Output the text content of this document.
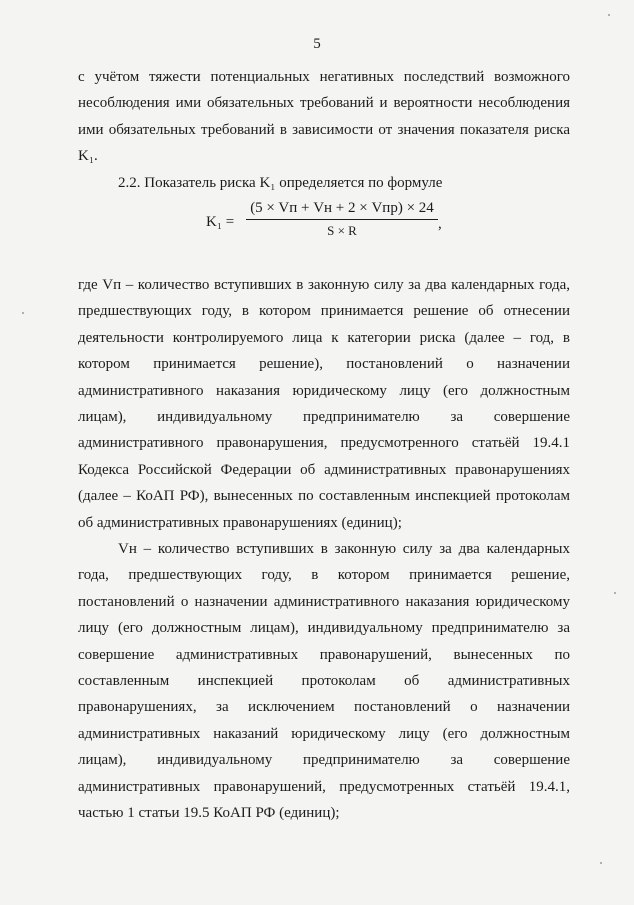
5

с учётом тяжести потенциальных негативных последствий возможного несоблюдения ими обязательных требований и вероятности несоблюдения ими обязательных требований в зависимости от значения показателя риска K₁.

2.2. Показатель риска K₁ определяется по формуле

K₁ =
(5 × Vп + Vн + 2 × Vпр) × 24
S × R	,

где Vп – количество вступивших в законную силу за два календарных года, предшествующих году, в котором принимается решение об отнесении деятельности контролируемого лица к категории риска (далее – год, в котором принимается решение), постановлений о назначении административного наказания юридическому лицу (его должностным лицам), индивидуальному предпринимателю за совершение административного правонарушения, предусмотренного статьёй 19.4.1 Кодекса Российской Федерации об административных правонарушениях (далее – КоАП РФ), вынесенных по составленным инспекцией протоколам об административных правонарушениях (единиц);

Vн – количество вступивших в законную силу за два календарных года, предшествующих году, в котором принимается решение, постановлений о назначении административного наказания юридическому лицу (его должностным лицам), индивидуальному предпринимателю за совершение административных правонарушений, вынесенных по составленным инспекцией протоколам об административных правонарушениях, за исключением постановлений о назначении административных наказаний юридическому лицу (его должностным лицам), индивидуальному предпринимателю за совершение административных правонарушений, предусмотренных статьёй 19.4.1, частью 1 статьи 19.5 КоАП РФ (единиц);
